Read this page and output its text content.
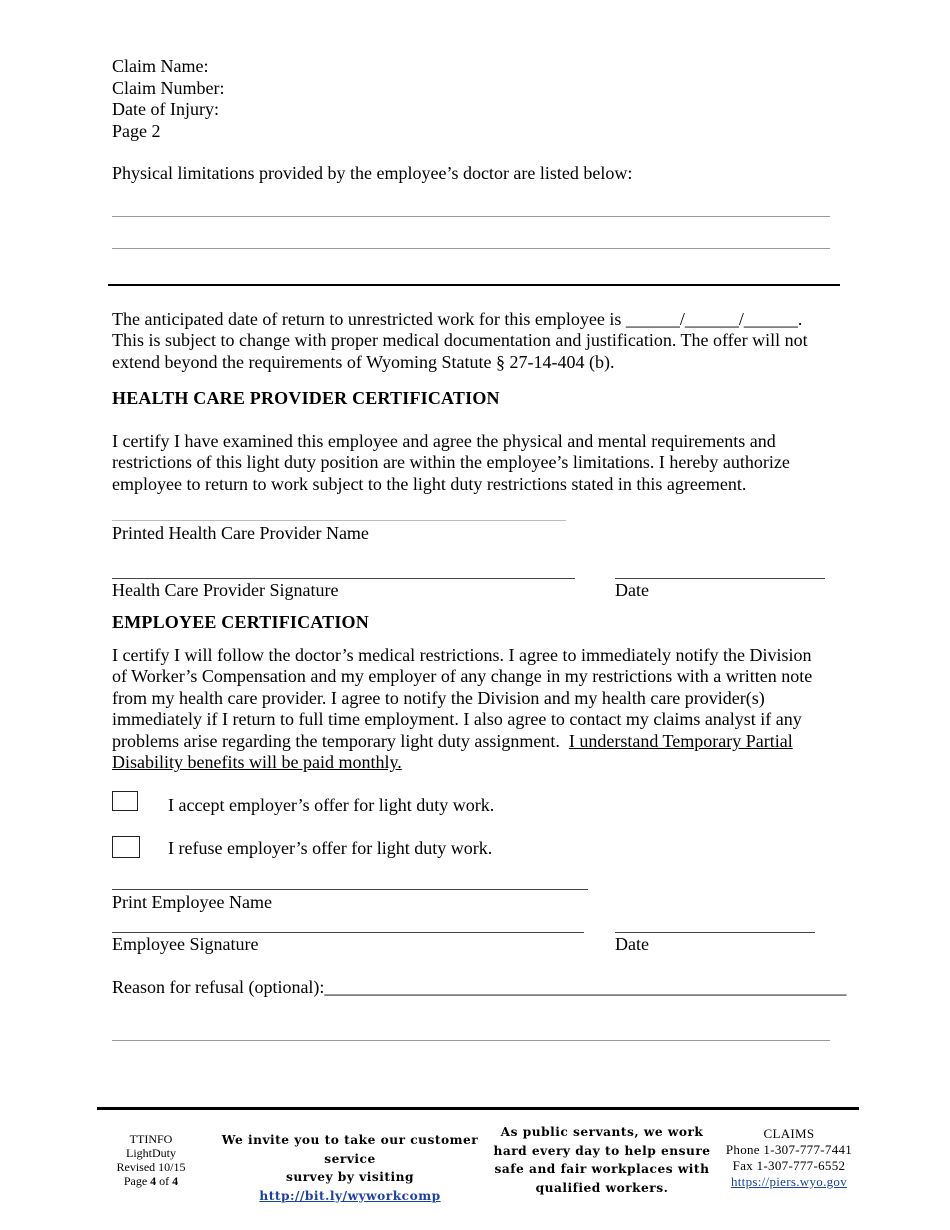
Claim Name:
Claim Number:
Date of Injury:
Page 2
Physical limitations provided by the employee’s doctor are listed below:
The anticipated date of return to unrestricted work for this employee is ______/______/______.
This is subject to change with proper medical documentation and justification. The offer will not
extend beyond the requirements of Wyoming Statute § 27-14-404 (b).
HEALTH CARE PROVIDER CERTIFICATION
I certify I have examined this employee and agree the physical and mental requirements and
restrictions of this light duty position are within the employee’s limitations. I hereby authorize
employee to return to work subject to the light duty restrictions stated in this agreement.
Printed Health Care Provider Name
Health Care Provider Signature	Date
EMPLOYEE CERTIFICATION
I certify I will follow the doctor’s medical restrictions. I agree to immediately notify the Division
of Worker’s Compensation and my employer of any change in my restrictions with a written note
from my health care provider. I agree to notify the Division and my health care provider(s)
immediately if I return to full time employment. I also agree to contact my claims analyst if any
problems arise regarding the temporary light duty assignment.  I understand Temporary Partial
Disability benefits will be paid monthly.
I accept employer’s offer for light duty work.
I refuse employer’s offer for light duty work.
Print Employee Name
Employee Signature	Date
Reason for refusal (optional):__________________________________________________________
TTINFO
LightDuty
Revised 10/15
Page 4 of 4
We invite you to take our customer service
survey by visiting
http://bit.ly/wyworkcomp
As public servants, we work
hard every day to help ensure
safe and fair workplaces with
qualified workers.
CLAIMS
Phone 1-307-777-7441
Fax 1-307-777-6552
https://piers.wyo.gov
